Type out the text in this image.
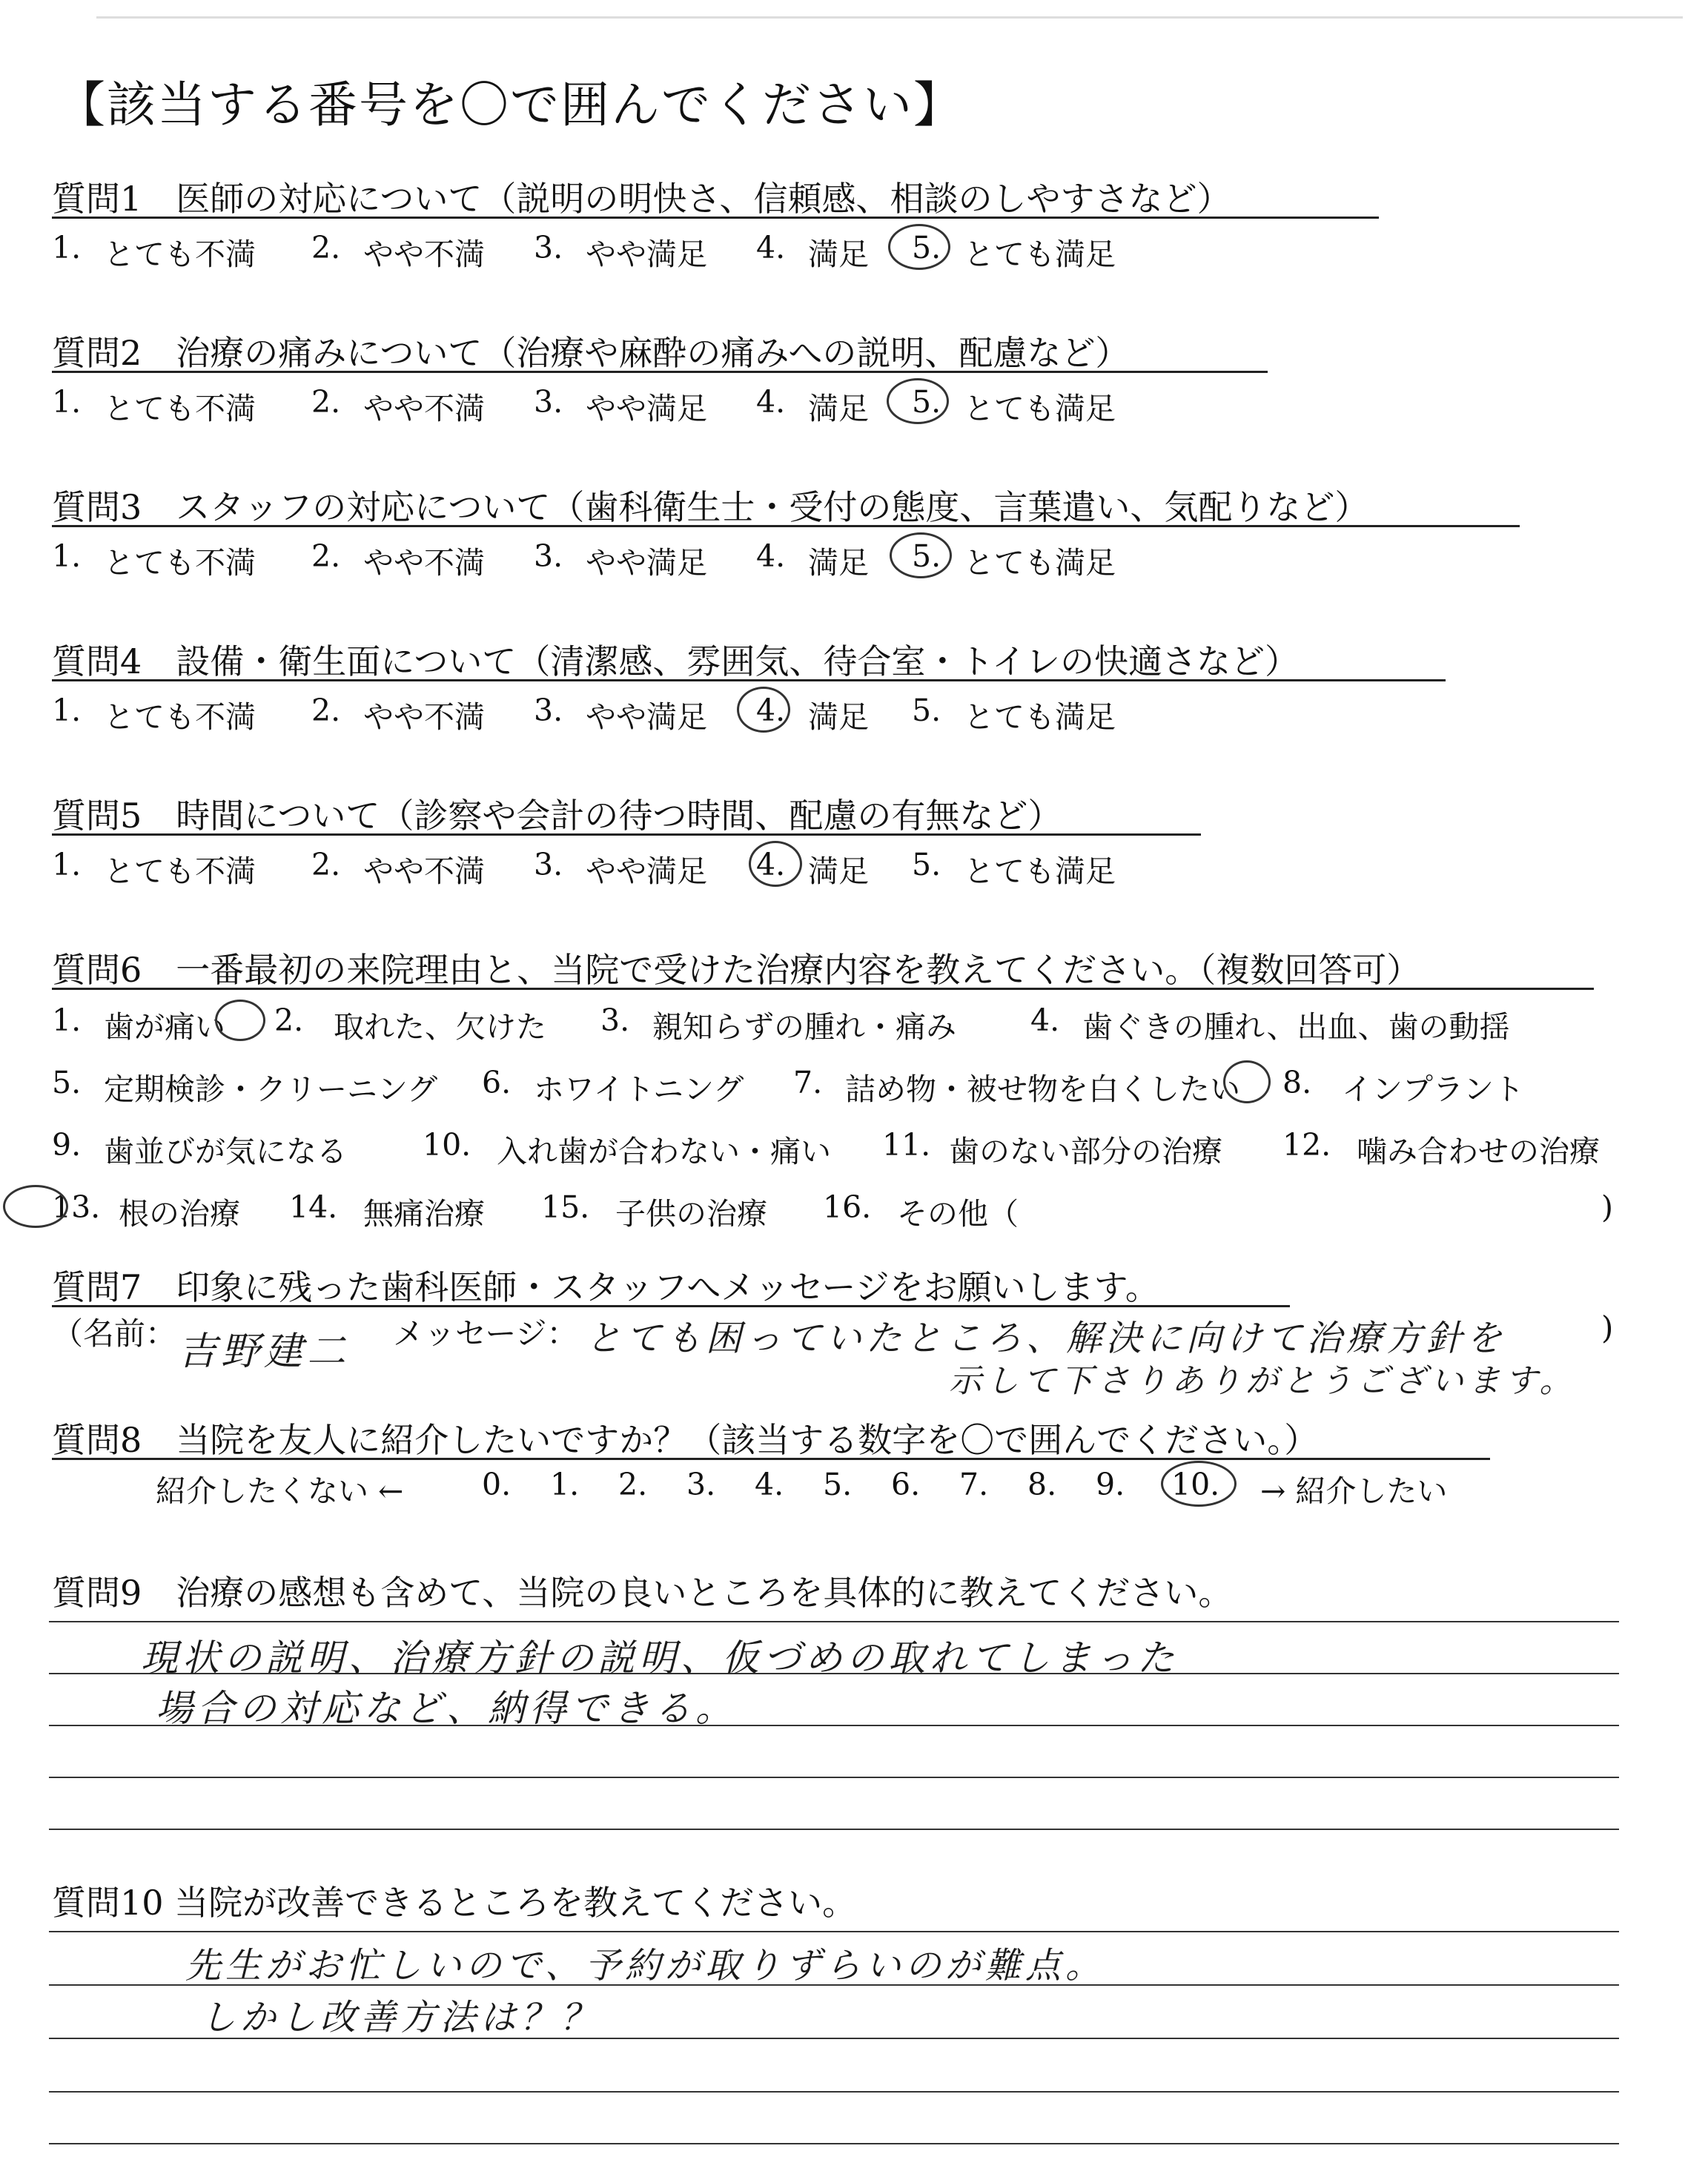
【該当する番号を〇で囲んでください】
質問1　医師の対応について（説明の明快さ、信頼感、相談のしやすさなど）
1. とても不満 2. やや不満 3. やや満足 4. 満足 5. とても満足
質問2　治療の痛みについて（治療や麻酔の痛みへの説明、配慮など）
1. とても不満 2. やや不満 3. やや満足 4. 満足 5. とても満足
質問3　スタッフの対応について（歯科衛生士・受付の態度、言葉遣い、気配りなど）
1. とても不満 2. やや不満 3. やや満足 4. 満足 5. とても満足
質問4　設備・衛生面について（清潔感、雰囲気、待合室・トイレの快適さなど）
1. とても不満 2. やや不満 3. やや満足 4. 満足 5. とても満足
質問5　時間について（診察や会計の待つ時間、配慮の有無など）
1. とても不満 2. やや不満 3. やや満足 4. 満足 5. とても満足
質問6　一番最初の来院理由と、当院で受けた治療内容を教えてください。（複数回答可）
1. 歯が痛い 2. 取れた、欠けた 3. 親知らずの腫れ・痛み 4. 歯ぐきの腫れ、出血、歯の動揺
5. 定期検診・クリーニング 6. ホワイトニング 7. 詰め物・被せ物を白くしたい 8. インプラント
9. 歯並びが気になる 10. 入れ歯が合わない・痛い 11. 歯のない部分の治療 12. 噛み合わせの治療
13. 根の治療 14. 無痛治療 15. 子供の治療 16. その他（	)
質問7　印象に残った歯科医師・スタッフへメッセージをお願いします。
（名前： 吉野建二 メッセージ： とても困っていたところ、解決に向けて治療方針を
示して下さりありがとうございます。
)
質問8　当院を友人に紹介したいですか？（該当する数字を〇で囲んでください。）
紹介したくない ←	0. 1. 2. 3. 4. 5. 6. 7. 8. 9. 10. → 紹介したい
質問9　治療の感想も含めて、当院の良いところを具体的に教えてください。
現状の説明、治療方針の説明、仮づめの取れてしまった
場合の対応など、納得できる。
質問10 当院が改善できるところを教えてください。
先生がお忙しいので、予約が取りずらいのが難点。
しかし改善方法は？？
